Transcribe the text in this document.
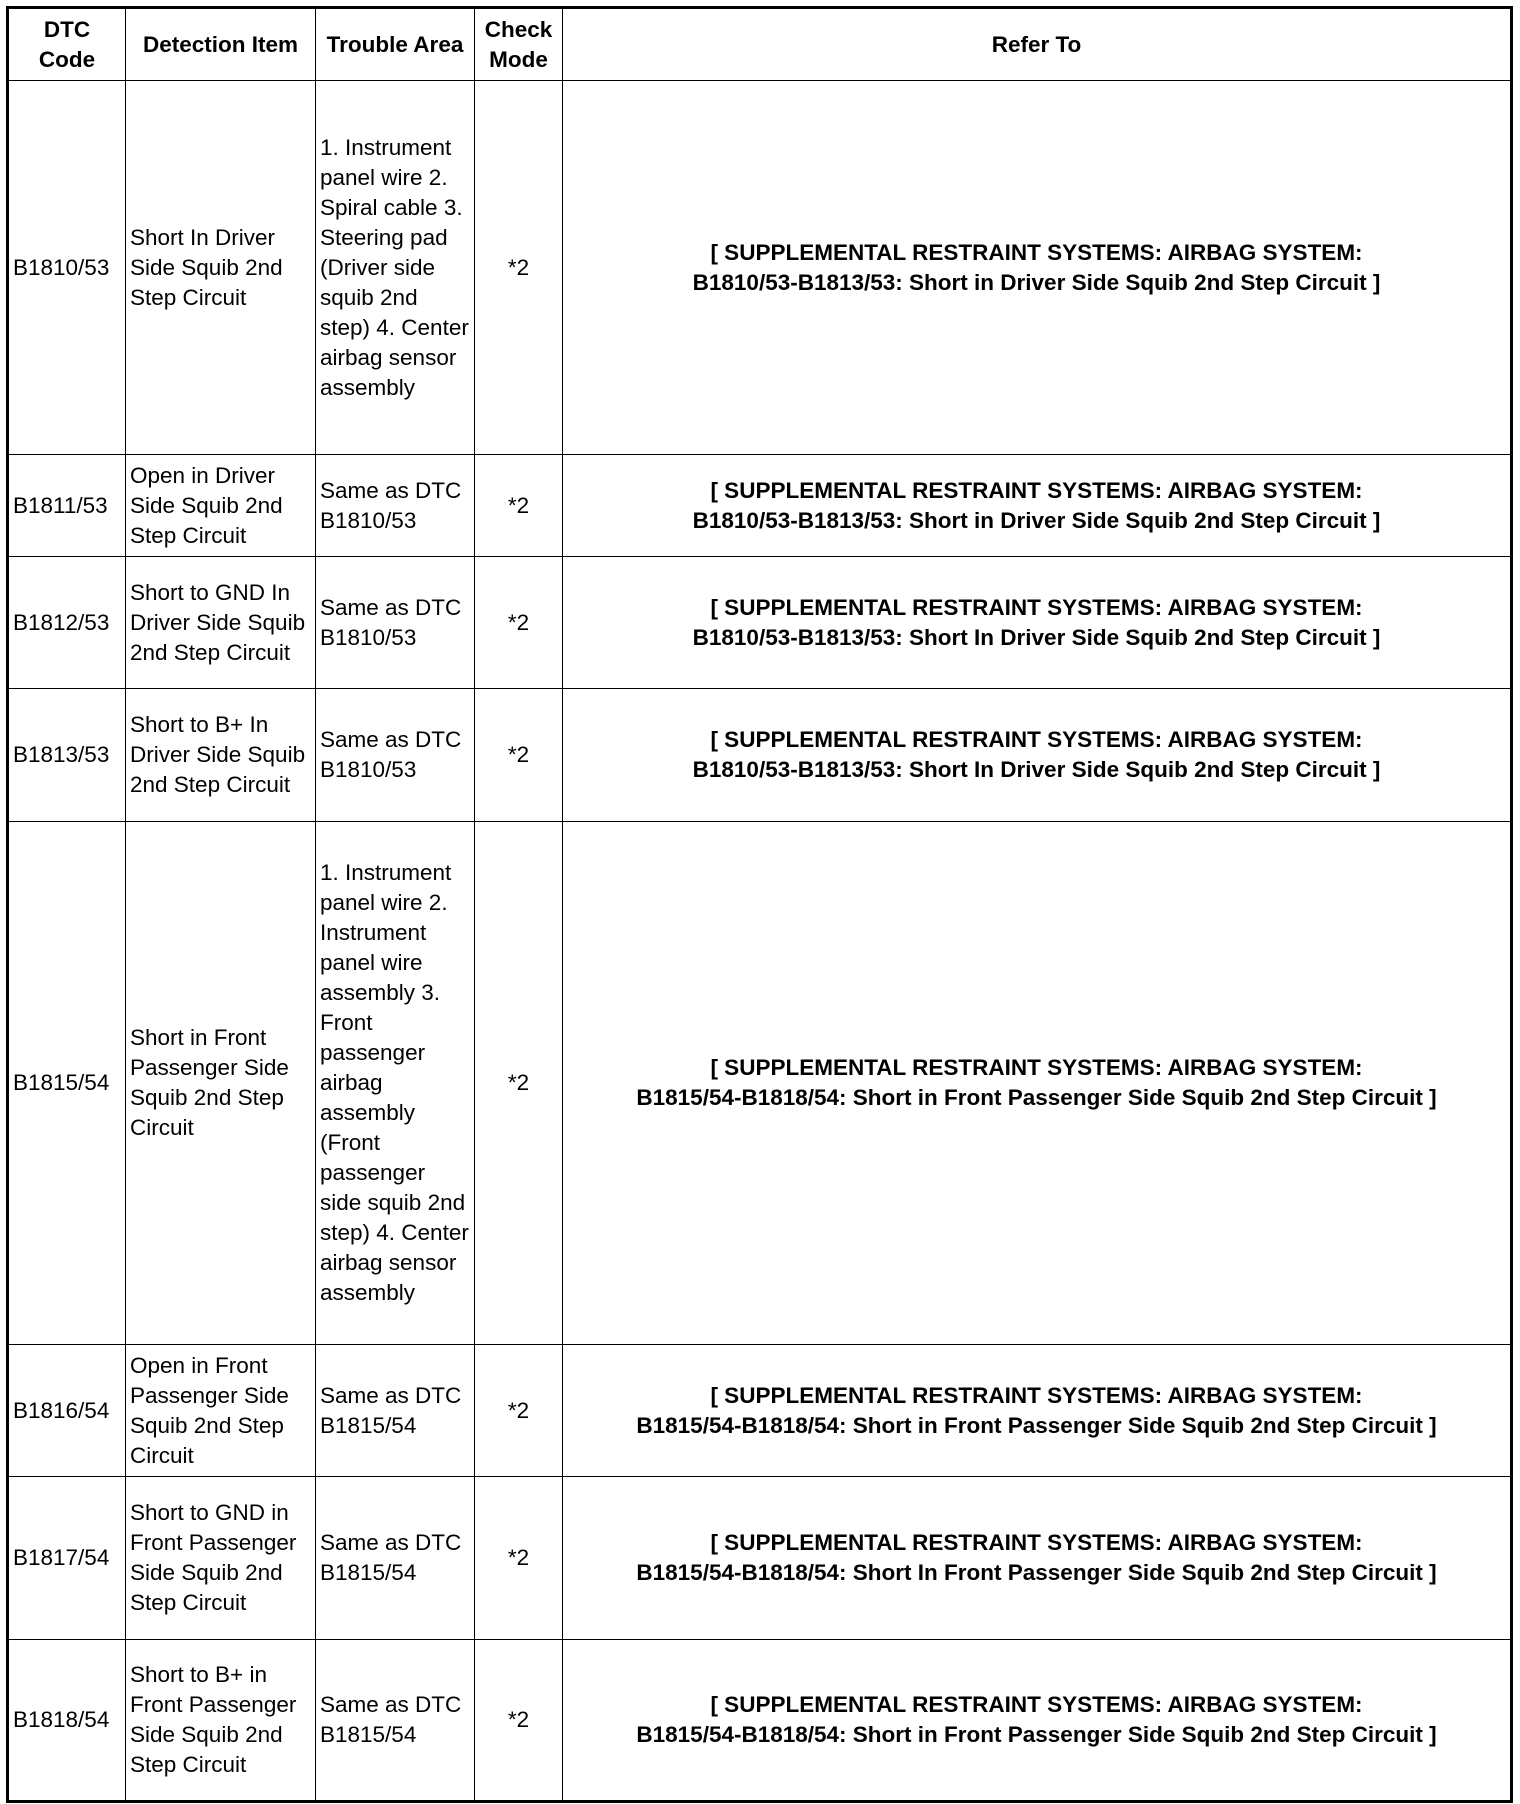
DTC Code	Detection Item	Trouble Area	Check Mode	Refer To
B1810/53	Short In Driver Side Squib 2nd Step Circuit	1. Instrument panel wire 2. Spiral cable 3. Steering pad (Driver side squib 2nd step) 4. Center airbag sensor assembly	*2	[ SUPPLEMENTAL RESTRAINT SYSTEMS: AIRBAG SYSTEM:
B1810/53-B1813/53: Short in Driver Side Squib 2nd Step Circuit ]

B1811/53	Open in Driver Side Squib 2nd Step Circuit	Same as DTC B1810/53	*2	[ SUPPLEMENTAL RESTRAINT SYSTEMS: AIRBAG SYSTEM:
B1810/53-B1813/53: Short in Driver Side Squib 2nd Step Circuit ]

B1812/53	Short to GND In Driver Side Squib 2nd Step Circuit	Same as DTC B1810/53	*2	[ SUPPLEMENTAL RESTRAINT SYSTEMS: AIRBAG SYSTEM:
B1810/53-B1813/53: Short In Driver Side Squib 2nd Step Circuit ]

B1813/53	Short to B+ In Driver Side Squib 2nd Step Circuit	Same as DTC B1810/53	*2	[ SUPPLEMENTAL RESTRAINT SYSTEMS: AIRBAG SYSTEM:
B1810/53-B1813/53: Short In Driver Side Squib 2nd Step Circuit ]

B1815/54	Short in Front Passenger Side Squib 2nd Step Circuit	1. Instrument panel wire 2. Instrument panel wire assembly 3. Front passenger airbag assembly (Front passenger side squib 2nd step) 4. Center airbag sensor assembly	*2	[ SUPPLEMENTAL RESTRAINT SYSTEMS: AIRBAG SYSTEM:
B1815/54-B1818/54: Short in Front Passenger Side Squib 2nd Step Circuit ]

B1816/54	Open in Front Passenger Side Squib 2nd Step Circuit	Same as DTC B1815/54	*2	[ SUPPLEMENTAL RESTRAINT SYSTEMS: AIRBAG SYSTEM:
B1815/54-B1818/54: Short in Front Passenger Side Squib 2nd Step Circuit ]

B1817/54	Short to GND in Front Passenger Side Squib 2nd Step Circuit	Same as DTC B1815/54	*2	[ SUPPLEMENTAL RESTRAINT SYSTEMS: AIRBAG SYSTEM:
B1815/54-B1818/54: Short In Front Passenger Side Squib 2nd Step Circuit ]

B1818/54	Short to B+ in Front Passenger Side Squib 2nd Step Circuit	Same as DTC B1815/54	*2	[ SUPPLEMENTAL RESTRAINT SYSTEMS: AIRBAG SYSTEM:
B1815/54-B1818/54: Short in Front Passenger Side Squib 2nd Step Circuit ]
